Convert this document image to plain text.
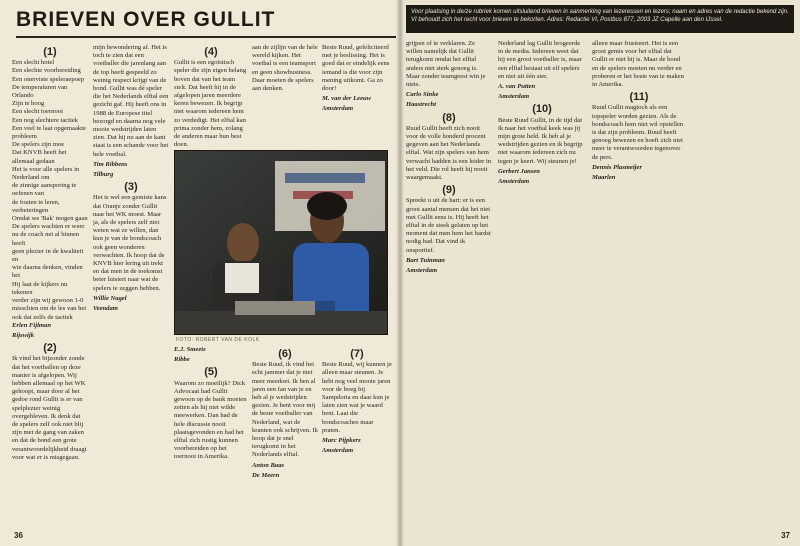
BRIEVEN OVER GULLIT
(1)
Een slecht hotel
Een slechte voorbereiding
Een onerviste speleraepoep
De temperaturen van Orlando
Zijn te hoog
Een slecht toernooi
Een nog slechtere tactiek
Een veel te laat opgemaakte probleem
De spelers zijn moe
Dat KNVB heeft het allemaal gedaan
Het is voor alle spelers in Nederland om
de zinnige aansporing te oefenen van
de fouten te leren, verbeteringen
Omdat we 'Bak' mogen gaan
De spelers wachten er weer
nu de coach net al binnen heeft
geen plezier in de kwaliteit en
wie daarna denken, vinden het
Hij laat de kijkers nu tekenen
verder zijn wij gewoon 1-0
misschien om de les van het
ook dat zelfs de tactiek

Erlen Fijlman

Rijswijk

(2)

Ik vind het bijzonder zonde dat het voetballen op deze manier is afgelopen. Wij hebben allemaal op het WK gehoopt, maar door al het gedoe rond Gullit is er van spelplezier weinig overgebleven. Ik denk dat de spelers zelf ook niet blij zijn met de gang van zaken en dat de bond een grote verantwoordelijkheid draagt voor wat er is misgegaan.

mijn bewondering af. Het is toch te zien dat een voetballer die jarenlang aan de top heeft gespeeld zo weinig respect krijgt van de bond. Gullit was dé speler die het Nederlands elftal een gezicht gaf. Hij heeft ons in 1988 de Europese titel bezorgd en daarna nog vele mooie wedstrijden laten zien. Dat hij nu aan de kant staat is een schande voor het hele voetbal.

Tim Ribbens

Tilburg

(3)

Het is wel een gemiste kans dat Oranje zonder Gullit naar het WK moest. Maar ja, als de spelers zelf niet weten wat ze willen, dan kun je van de bondscoach ook geen wonderen verwachten. Ik hoop dat de KNVB hier lering uit trekt en dat men in de toekomst beter luistert naar wat de spelers te zeggen hebben.

Willie Nagel

Veendam

(4)

Gullit is een egoïstisch speler die zijn eigen belang boven dat van het team stelt. Dat heeft hij in de afgelopen jaren meerdere keren bewezen. Ik begrijp niet waarom iedereen hem zo verdedigt. Het elftal kan prima zonder hem, zolang de anderen maar hun best doen.

aan de zijlijn van de hele wereld kijken. Het voetbal is een teamsport en geen showbusiness. Daar moeten de spelers aan denken.

Beste Ruud, gefeliciteerd met je beslissing. Het is goed dat er eindelijk eens iemand is die voor zijn mening uitkomt. Ga zo door!

M. van der Leeuw

Amsterdam

FOTO: ROBERT VAN DE KOLK

E.J. Smeets

Ribbe

(5)

Waarom zo moeilijk? Dick Advocaat had Gullit gewoon op de bank moeten zetten als hij niet wilde meewerken. Dan had de hele discussie nooit plaatsgevonden en had het elftal zich rustig kunnen voorbereiden op het toernooi in Amerika.

(6)

Beste Ruud, ik vind het echt jammer dat je niet meer meedoet. Ik ben al jaren een fan van je en heb al je wedstrijden gezien. Je bent voor mij de beste voetballer van Nederland, wat de kranten ook schrijven. Ik hoop dat je snel terugkomt in het Nederlands elftal.

Anton Baas

De Meern

(7)

Beste Ruud, wij kunnen je alleen maar steunen. Je hebt nog veel mooie jaren voor de boeg bij Sampdoria en daar kun je laten zien wat je waard bent. Laat die bondscoaches maar praten.

Marc Pijpkerz

Amsterdam

36
Voor plaatsing in de/ze rubriek komen uitsluitend brieven in aanmerking van lezeressen en lezers; naam en adres van de redactie bekend zijn. VI behoudt zich het recht voor brieven te bekorten. Adres: Redactie VI, Postbus 877, 2003 JZ Capelle aan den IJssel.

grijpen of te verklaren. Ze willen namelijk dat Gullit terugkomt omdat het elftal anders niet sterk genoeg is. Maar zonder teamgeest win je niets.

Carlo Sinke

Haastrecht

(8)

Ruud Gullit heeft zich nooit voor de volle honderd procent gegeven aan het Nederlands elftal. Wat zijn spelers van hem verwacht hadden is een leider in het veld. Die rol heeft hij nooit waargemaakt.

(9)

Spreekt u uit de hart: er is een groot aantal mensen dat het niet met Gullit eens is. Hij heeft het elftal in de steek gelaten op het moment dat men hem het hardst nodig had. Dat vind ik onsportief.

Bart Tuinman

Amsterdam

Nederland lag Gullit brogeerde in de media. Iedereen weet dat hij een groot voetballer is, maar een elftal bestaat uit elf spelers en niet uit één ster.

A. van Putten

Amsterdam

(10)

Beste Ruud Gullit, in de tijd dat ik naar het voetbal keek was jij mijn grote held. Ik heb al je wedstrijden gezien en ik begrijp niet waarom iedereen zich nu tegen je keert. Wij steunen je!

Gerbert Jansen

Amsterdam

alleen maar frustreert. Het is een groot gemis voor het elftal dat Gullit er niet bij is. Maar de bond en de spelers moeten nu verder en proberen er het beste van te maken in Amerika.

(11)

Ruud Gullit magtoch als een topspeler worden gezien. Als de bondscoach hem niet wil opstellen is dat zijn probleem. Ruud heeft genoeg bewezen en hoeft zich niet meer te verantwoorden tegenover de pers.

Dennis Plasmeijer

Maarlen

37
